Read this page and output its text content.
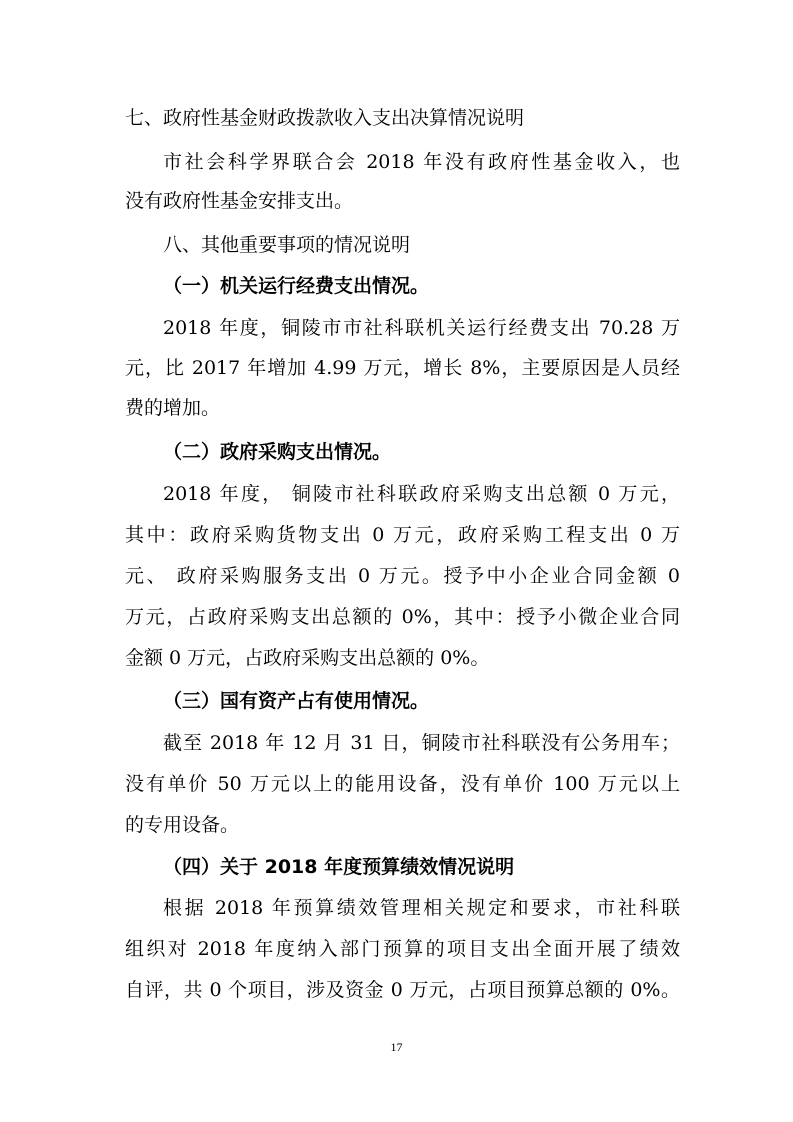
七、政府性基金财政拨款收入支出决算情况说明
市社会科学界联合会 2018 年没有政府性基金收入，也
没有政府性基金安排支出。
八、其他重要事项的情况说明
（一）机关运行经费支出情况。
2018 年度，铜陵市市社科联机关运行经费支出 70.28 万
元，比 2017 年增加 4.99 万元，增长 8%，主要原因是人员经
费的增加。
（二）政府采购支出情况。
2018 年度， 铜陵市社科联政府采购支出总额 0 万元，
其中：政府采购货物支出 0 万元，政府采购工程支出 0 万
元、 政府采购服务支出 0 万元。授予中小企业合同金额 0
万元，占政府采购支出总额的 0%，其中：授予小微企业合同
金额 0 万元，占政府采购支出总额的 0%。
（三）国有资产占有使用情况。
截至 2018 年 12 月 31 日，铜陵市社科联没有公务用车；
没有单价 50 万元以上的能用设备，没有单价 100 万元以上
的专用设备。
（四）关于 2018 年度预算绩效情况说明
根据 2018 年预算绩效管理相关规定和要求，市社科联
组织对 2018 年度纳入部门预算的项目支出全面开展了绩效
自评，共 0 个项目，涉及资金 0 万元，占项目预算总额的 0%。
17
